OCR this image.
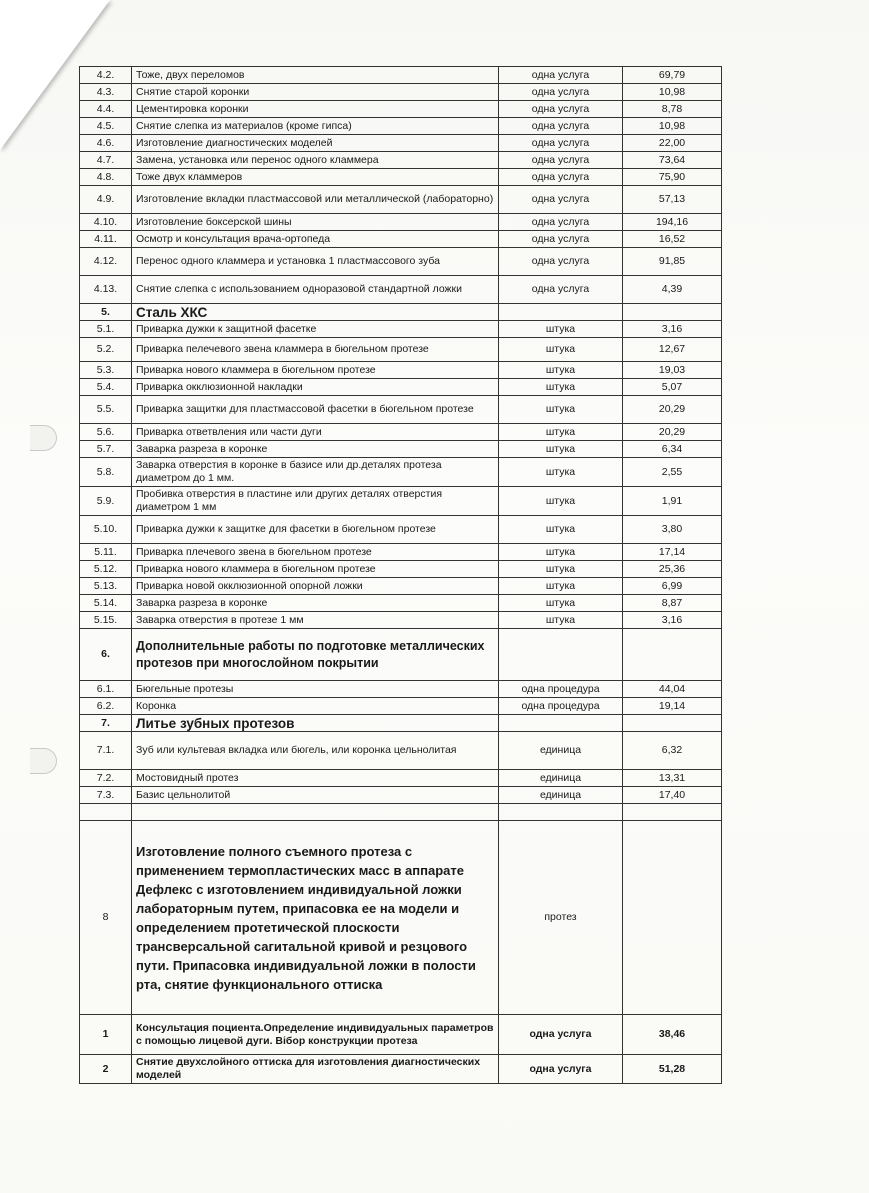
4.2.	Тоже, двух переломов	одна услуга	69,79
4.3.	Снятие старой коронки	одна услуга	10,98
4.4.	Цементировка коронки	одна услуга	8,78
4.5.	Снятие слепка из материалов (кроме гипса)	одна услуга	10,98
4.6.	Изготовление диагностических моделей	одна услуга	22,00
4.7.	Замена, установка или перенос одного кламмера	одна услуга	73,64
4.8.	Тоже двух кламмеров	одна услуга	75,90
4.9.	Изготовление вкладки пластмассовой или металлической (лабораторно)	одна услуга	57,13
4.10.	Изготовление боксерской шины	одна услуга	194,16
4.11.	Осмотр и консультация врача-ортопеда	одна услуга	16,52
4.12.	Перенос одного кламмера и установка 1 пластмассового зуба	одна услуга	91,85
4.13.	Снятие слепка с использованием одноразовой стандартной ложки	одна услуга	4,39
5.	Сталь ХКС		
5.1.	Приварка дужки к защитной фасетке	штука	3,16
5.2.	Приварка пелечевого звена кламмера в бюгельном протезе	штука	12,67
5.3.	Приварка нового кламмера в бюгельном протезе	штука	19,03
5.4.	Приварка окклюзионной накладки	штука	5,07
5.5.	Приварка защитки для пластмассовой фасетки в бюгельном протезе	штука	20,29
5.6.	Приварка ответвления или части дуги	штука	20,29
5.7.	Заварка разреза в коронке	штука	6,34
5.8.	Заварка отверстия в коронке в базисе или др.деталях протеза диаметром до 1 мм.	штука	2,55
5.9.	Пробивка отверстия в пластине или других деталях отверстия диаметром 1 мм	штука	1,91
5.10.	Приварка дужки к защитке для фасетки в бюгельном протезе	штука	3,80
5.11.	Приварка плечевого звена в бюгельном протезе	штука	17,14
5.12.	Приварка нового кламмера в бюгельном протезе	штука	25,36
5.13.	Приварка новой окклюзионной опорной ложки	штука	6,99
5.14.	Заварка разреза в коронке	штука	8,87
5.15.	Заварка отверстия в протезе 1 мм	штука	3,16
6.	Дополнительные работы по подготовке металлических протезов при многослойном покрытии		
6.1.	Бюгельные протезы	одна процедура	44,04
6.2.	Коронка	одна процедура	19,14
7.	Литье зубных протезов		
7.1.	Зуб или культевая вкладка или бюгель, или коронка цельнолитая	единица	6,32
7.2.	Мостовидный протез	единица	13,31
7.3.	Базис цельнолитой	единица	17,40

8	Изготовление полного съемного протеза с применением термопластических масс в аппарате Дефлекс с изготовлением индивидуальной ложки лабораторным путем, припасовка ее на модели и определением протетической плоскости трансверсальной сагитальной кривой и резцового пути. Припасовка индивидуальной ложки в полости рта, снятие функционального оттиска	протез	
1	Консультация поциента.Определение индивидуальных параметров с помощью лицевой дуги. Вібор конструкции протеза	одна услуга	38,46
2	Снятие двухслойного оттиска для изготовления диагностических моделей	одна услуга	51,28
